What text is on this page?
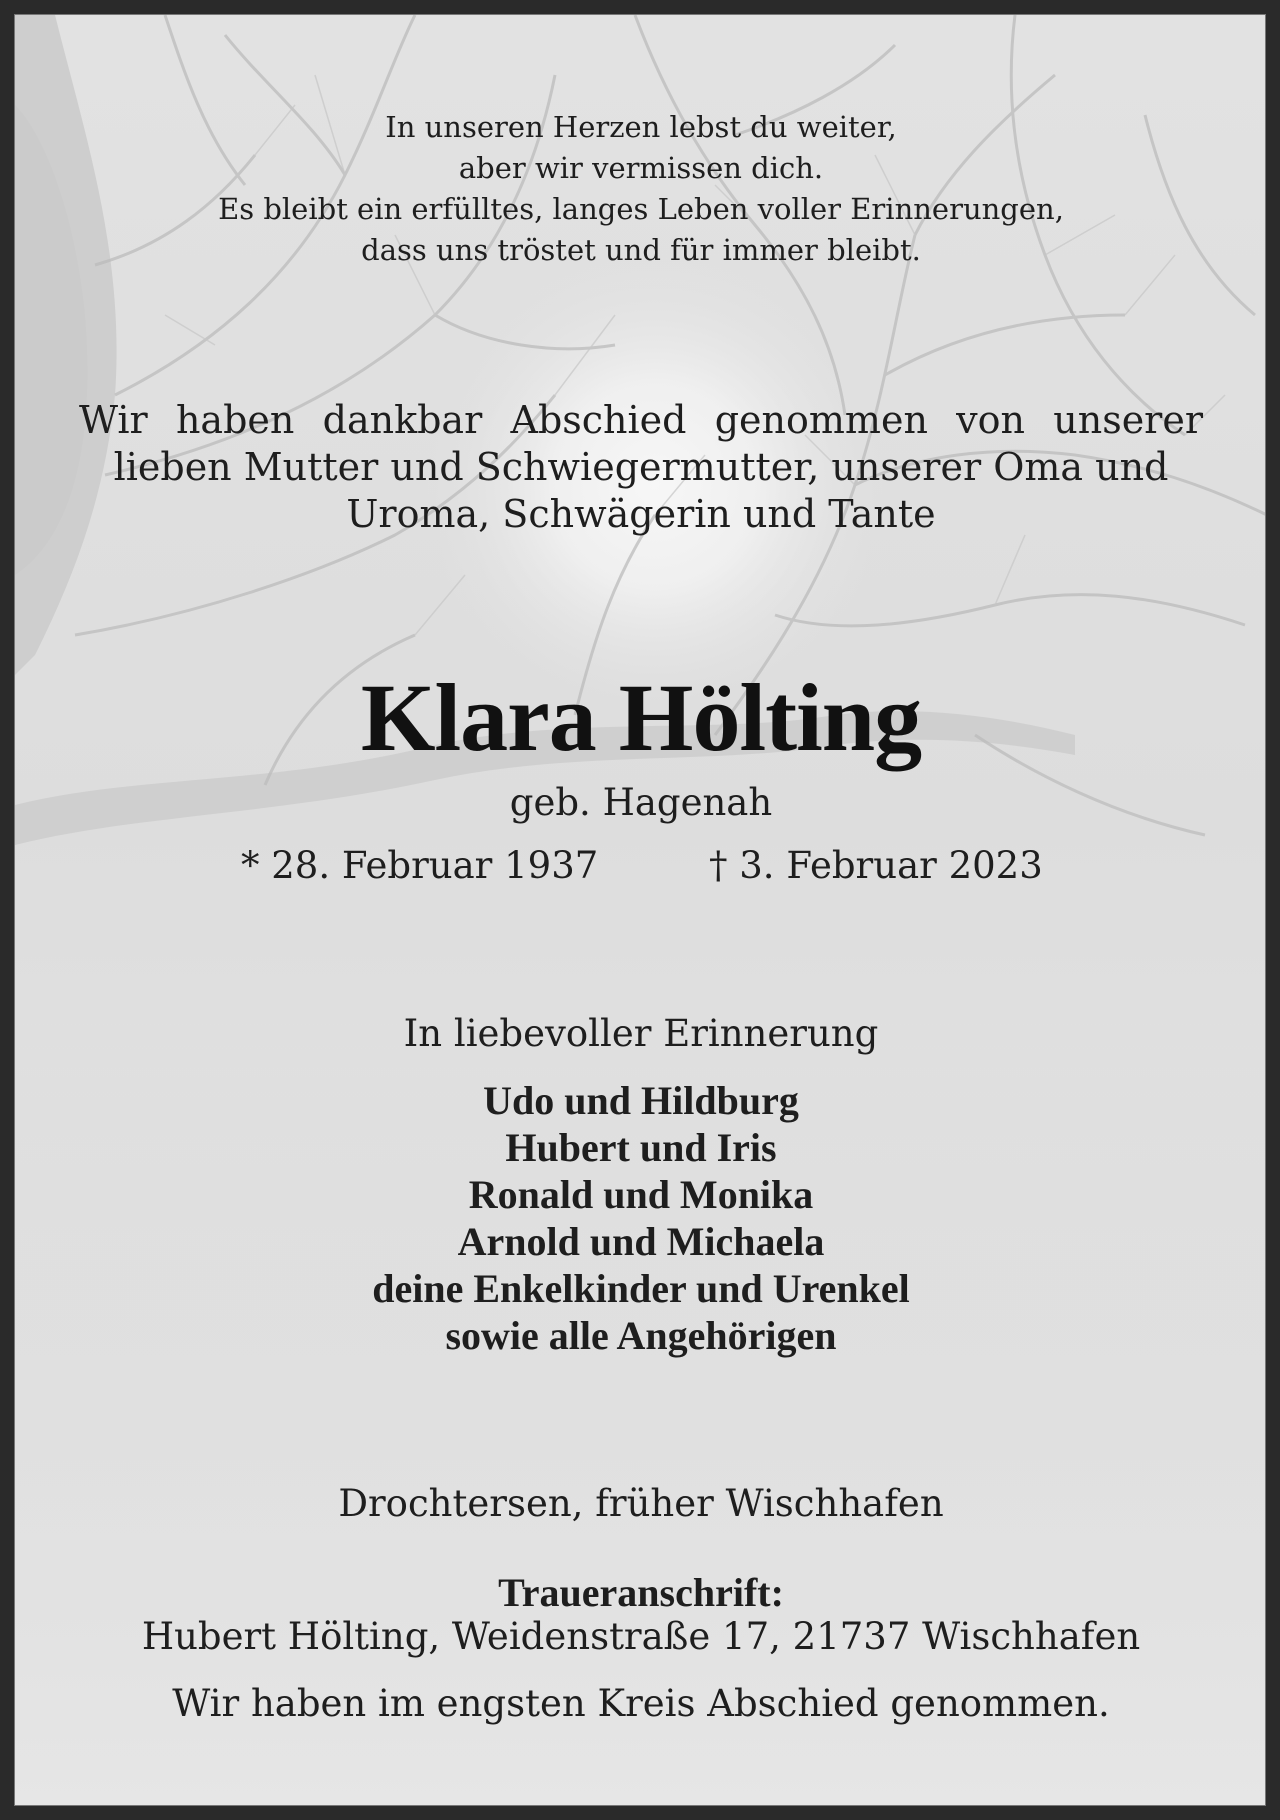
In unseren Herzen lebst du weiter,
aber wir vermissen dich.
Es bleibt ein erfülltes, langes Leben voller Erinnerungen,
dass uns tröstet und für immer bleibt.
Wir haben dankbar Abschied genommen von unserer
lieben Mutter und Schwiegermutter, unserer Oma und
Uroma, Schwägerin und Tante
Klara Hölting
geb. Hagenah
* 28. Februar 1937	† 3. Februar 2023
In liebevoller Erinnerung
Udo und Hildburg
Hubert und Iris
Ronald und Monika
Arnold und Michaela
deine Enkelkinder und Urenkel
sowie alle Angehörigen
Drochtersen, früher Wischhafen
Traueranschrift:
Hubert Hölting, Weidenstraße 17, 21737 Wischhafen
Wir haben im engsten Kreis Abschied genommen.
